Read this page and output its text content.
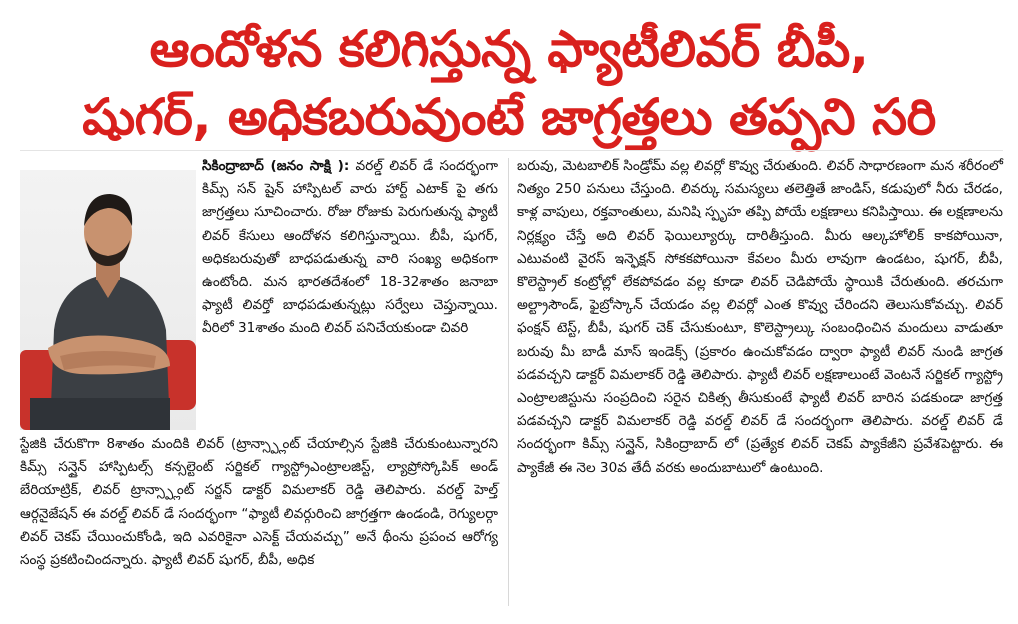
ఆందోళన కలిగిస్తున్న ఫ్యాటీలివర్ బీపీ,
షుగర్, అధికబరువుంటే జాగ్రత్తలు తప్పని సరి

సికింద్రాబాద్ (జనం సాక్షి ): వరల్డ్ లివర్ డే సందర్భంగా కిమ్స్ సన్ షైన్ హాస్పిటల్ వారు హార్ట్ ఎటాక్ పై తగు జాగ్రత్తలు సూచించారు. రోజు రోజుకు పెరుగుతున్న ఫ్యాటీ లివర్ కేసులు ఆందోళన కలిగిస్తున్నాయి. బీపీ, షుగర్, అధికబరువుతో బాధపడుతున్న వారి సంఖ్య అధికంగా ఉంటోంది. మన భారతదేశంలో 18-32శాతం జనాబా ఫ్యాటీ లివర్తో బాధపడుతున్నట్లు సర్వేలు చెప్తున్నాయి. వీరిలో 31శాతం మంది లివర్ పనిచేయకుండా చివరి

స్టేజికి చేరుకొగా 8శాతం మందికి లివర్ (ట్రాన్స్ప్లాంట్ చేయాల్సిన స్టేజికి చేరుకుంటున్నారని కిమ్స్ సన్షైన్ హాస్పిటల్స్ కన్సల్టెంట్ సర్జికల్ గ్యాస్ట్రోఎంట్రాలజిస్ట్, ల్యాప్రోస్కోపిక్ అండ్ బేరియాట్రిక్, లివర్ ట్రాన్స్ప్లాంట్ సర్జన్ డాక్టర్ విమలాకర్ రెడ్డి తెలిపారు. వరల్డ్ హెల్త్ ఆర్గనైజేషన్ ఈ వరల్డ్ లివర్ డే సందర్భంగా “ఫ్యాటీ లివర్గురించి జాగ్రత్తగా ఉండండి, రెగ్యులర్గా లివర్ చెకప్ చేయించుకోండి, ఇది ఎవరికైనా ఎసెక్ట్ చేయవచ్చు” అనే థీంను ప్రపంచ ఆరోగ్య సంస్థ ప్రకటించిందన్నారు. ఫ్యాటీ లివర్ షుగర్, బీపీ, అధిక

బరువు, మెటబాలిక్ సిండ్రోమ్ వల్ల లివర్లో కొవ్వు చేరుతుంది. లివర్ సాధారణంగా మన శరీరంలో నిత్యం 250 పనులు చేస్తుంది. లివర్కు సమస్యలు తలెత్తితే జాండిస్, కడుపులో నీరు చేరడం, కాళ్ల వాపులు, రక్తవాంతులు, మనిషి స్పృహ తప్పి పోయే లక్షణాలు కనిపిస్తాయి. ఈ లక్షణాలను నిర్లక్ష్యం చేస్తే అది లివర్ ఫెయిల్యూర్కు దారితీస్తుంది. మీరు ఆల్కహోలిక్ కాకపోయినా, ఎటువంటి వైరస్ ఇన్ఫెక్షన్ సోకకపోయినా కేవలం మీరు లావుగా ఉండటం, షుగర్, బీపీ, కొలెస్ట్రాల్ కంట్రోల్లో లేకపోవడం వల్ల కూడా లివర్ చెడిపోయే స్థాయికి చేరుతుంది. తరచుగా అల్ట్రాసౌండ్, ఫైబ్రోస్కాన్ చేయడం వల్ల లివర్లో ఎంత కొవ్వు చేరిందని తెలుసుకోవచ్చు. లివర్ ఫంక్షన్ టెస్ట్, బీపీ, షుగర్ చెక్ చేసుకుంటూ, కొలెస్ట్రాల్కు సంబంధించిన మందులు వాడుతూ బరువు మీ బాడీ మాస్ ఇండెక్స్ (ప్రకారం ఉంచుకోవడం ద్వారా ఫ్యాటీ లివర్ నుండి జాగ్రత పడవచ్చని డాక్టర్ విమలాకర్ రెడ్డి తెలిపారు. ఫ్యాటీ లివర్ లక్షణాలుంటే వెంటనే సర్జికల్ గ్యాస్ట్రో ఎంట్రాలజిస్టును సంప్రదించి సరైన చికిత్స తీసుకుంటే ఫ్యాటీ లివర్ బారిన పడకుండా జాగ్రత్త పడవచ్చని డాక్టర్ విమలాకర్ రెడ్డి వరల్డ్ లివర్ డే సందర్భంగా తెలిపారు. వరల్డ్ లివర్ డే సందర్భంగా కిమ్స్ సన్షైన్, సికింద్రాబాద్ లో (ప్రత్యేక లివర్ చెకప్ ప్యాకేజీని ప్రవేశపెట్టారు. ఈ ప్యాకేజీ ఈ నెల 30వ తేదీ వరకు అందుబాటులో ఉంటుంది.
